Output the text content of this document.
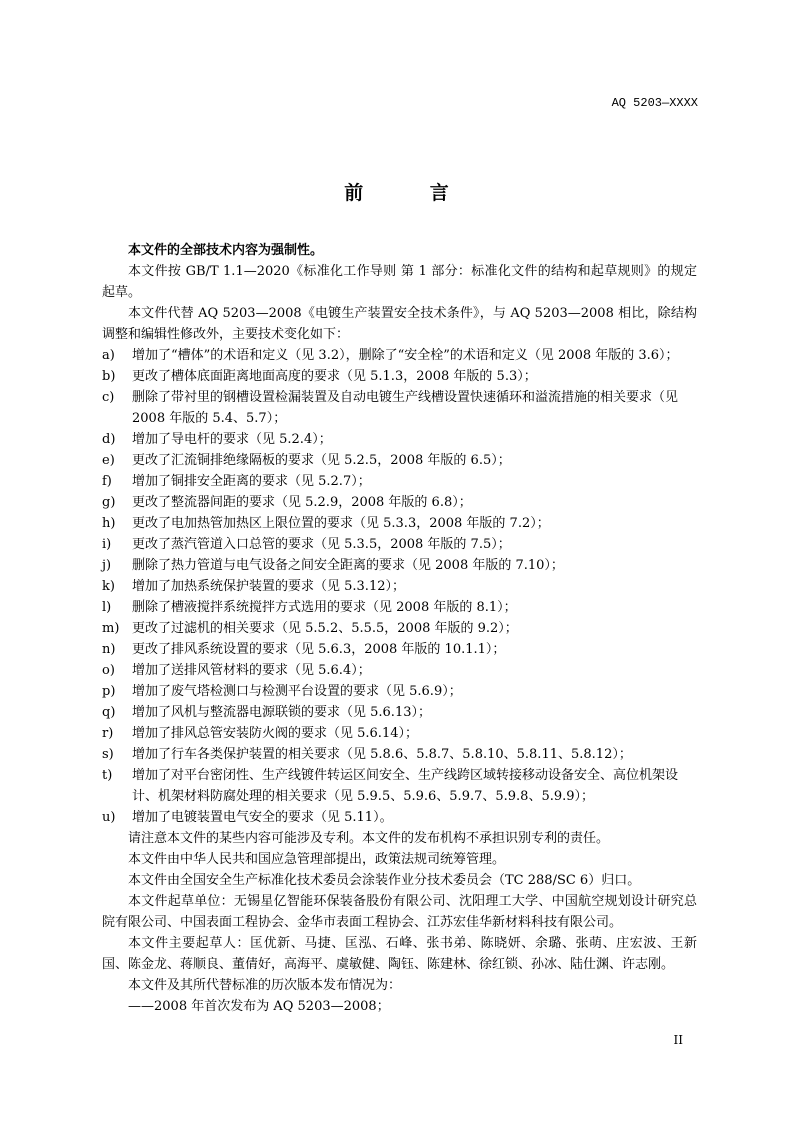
AQ 5203—XXXX
前 言

本文件的全部技术内容为强制性。

本文件按 GB/T 1.1—2020《标准化工作导则 第 1 部分：标准化文件的结构和起草规则》的规定起草。

本文件代替 AQ 5203—2008《电镀生产装置安全技术条件》，与 AQ 5203—2008 相比，除结构调整和编辑性修改外，主要技术变化如下：

a)	增加了“槽体”的术语和定义（见 3.2），删除了“安全栓”的术语和定义（见 2008 年版的 3.6）；
b)	更改了槽体底面距离地面高度的要求（见 5.1.3，2008 年版的 5.3）；
c)	删除了带衬里的钢槽设置检漏装置及自动电镀生产线槽设置快速循环和溢流措施的相关要求（见 2008 年版的 5.4、5.7）；
d)	增加了导电杆的要求（见 5.2.4）；
e)	更改了汇流铜排绝缘隔板的要求（见 5.2.5，2008 年版的 6.5）；
f)	增加了铜排安全距离的要求（见 5.2.7）；
g)	更改了整流器间距的要求（见 5.2.9，2008 年版的 6.8）；
h)	更改了电加热管加热区上限位置的要求（见 5.3.3，2008 年版的 7.2）；
i)	更改了蒸汽管道入口总管的要求（见 5.3.5，2008 年版的 7.5）；
j)	删除了热力管道与电气设备之间安全距离的要求（见 2008 年版的 7.10）；
k)	增加了加热系统保护装置的要求（见 5.3.12）；
l)	删除了槽液搅拌系统搅拌方式选用的要求（见 2008 年版的 8.1）；
m) 更改了过滤机的相关要求（见 5.5.2、5.5.5，2008 年版的 9.2）；
n)	更改了排风系统设置的要求（见 5.6.3，2008 年版的 10.1.1）；
o)	增加了送排风管材料的要求（见 5.6.4）；
p)	增加了废气塔检测口与检测平台设置的要求（见 5.6.9）；
q)	增加了风机与整流器电源联锁的要求（见 5.6.13）；
r)	增加了排风总管安装防火阀的要求（见 5.6.14）；
s)	增加了行车各类保护装置的相关要求（见 5.8.6、5.8.7、5.8.10、5.8.11、5.8.12）；
t)	增加了对平台密闭性、生产线镀件转运区间安全、生产线跨区域转接移动设备安全、高位机架设计、机架材料防腐处理的相关要求（见 5.9.5、5.9.6、5.9.7、5.9.8、5.9.9）；
u)	增加了电镀装置电气安全的要求（见 5.11）。

请注意本文件的某些内容可能涉及专利。本文件的发布机构不承担识别专利的责任。

本文件由中华人民共和国应急管理部提出，政策法规司统筹管理。

本文件由全国安全生产标准化技术委员会涂装作业分技术委员会（TC 288/SC 6）归口。

本文件起草单位：无锡星亿智能环保装备股份有限公司、沈阳理工大学、中国航空规划设计研究总院有限公司、中国表面工程协会、金华市表面工程协会、江苏宏佳华新材料科技有限公司。

本文件主要起草人：匡优新、马捷、匡泓、石峰、张书弟、陈晓妍、余璐、张萌、庄宏波、王新国、陈金龙、蒋顺良、董倩好，高海平、虞敏健、陶钰、陈建林、徐红锁、孙冰、陆仕渊、许志刚。

本文件及其所代替标准的历次版本发布情况为：

——2008 年首次发布为 AQ 5203—2008；

II
